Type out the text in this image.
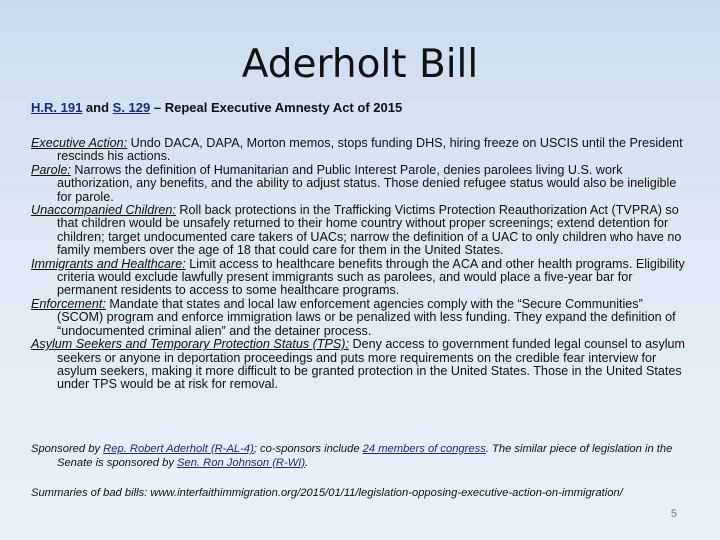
Aderholt Bill
H.R. 191 and S. 129 – Repeal Executive Amnesty Act of 2015

Executive Action: Undo DACA, DAPA, Morton memos, stops funding DHS, hiring freeze on USCIS until the President rescinds his actions.

Parole: Narrows the definition of Humanitarian and Public Interest Parole, denies parolees living U.S. work authorization, any benefits, and the ability to adjust status. Those denied refugee status would also be ineligible for parole.

Unaccompanied Children: Roll back protections in the Trafficking Victims Protection Reauthorization Act (TVPRA) so that children would be unsafely returned to their home country without proper screenings; extend detention for children; target undocumented care takers of UACs; narrow the definition of a UAC to only children who have no family members over the age of 18 that could care for them in the United States.

Immigrants and Healthcare: Limit access to healthcare benefits through the ACA and other health programs. Eligibility criteria would exclude lawfully present immigrants such as parolees, and would place a five-year bar for permanent residents to access to some healthcare programs.

Enforcement: Mandate that states and local law enforcement agencies comply with the “Secure Communities” (SCOM) program and enforce immigration laws or be penalized with less funding. They expand the definition of “undocumented criminal alien” and the detainer process.

Asylum Seekers and Temporary Protection Status (TPS): Deny access to government funded legal counsel to asylum seekers or anyone in deportation proceedings and puts more requirements on the credible fear interview for asylum seekers, making it more difficult to be granted protection in the United States. Those in the United States under TPS would be at risk for removal.

Sponsored by Rep. Robert Aderholt (R-AL-4); co-sponsors include 24 members of congress. The similar piece of legislation in the Senate is sponsored by Sen. Ron Johnson (R-WI).
Summaries of bad bills: www.interfaithimmigration.org/2015/01/11/legislation-opposing-executive-action-on-immigration/
5
